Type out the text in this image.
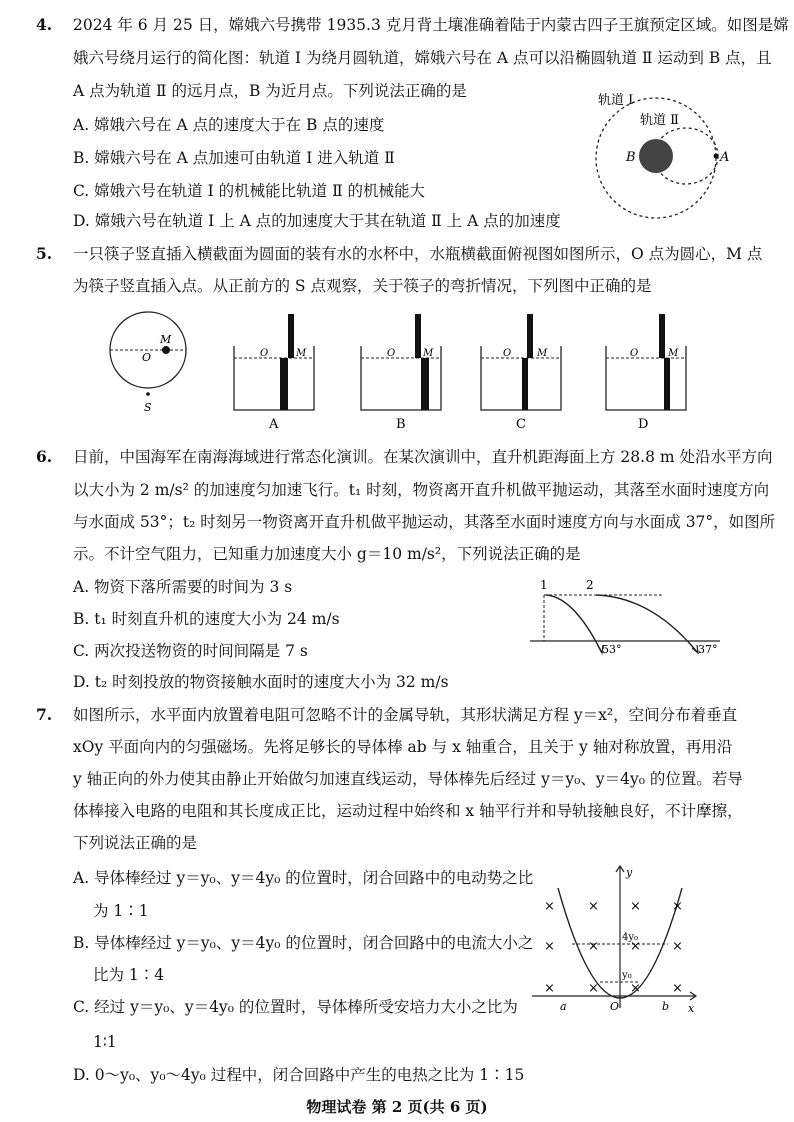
4. 2024 年 6 月 25 日，嫦娥六号携带 1935.3 克月背土壤准确着陆于内蒙古四子王旗预定区域。如图是嫦
娥六号绕月运行的简化图：轨道 Ⅰ 为绕月圆轨道，嫦娥六号在 A 点可以沿椭圆轨道 Ⅱ 运动到 B 点，且
A 点为轨道 Ⅱ 的远月点，B 为近月点。下列说法正确的是
A. 嫦娥六号在 A 点的速度大于在 B 点的速度
B. 嫦娥六号在 A 点加速可由轨道 Ⅰ 进入轨道 Ⅱ
C. 嫦娥六号在轨道 Ⅰ 的机械能比轨道 Ⅱ 的机械能大
D. 嫦娥六号在轨道 Ⅰ 上 A 点的加速度大于其在轨道 Ⅱ 上 A 点的加速度
轨道 Ⅰ
轨道 Ⅱ
B	A
5. 一只筷子竖直插入横截面为圆面的装有水的水杯中，水瓶横截面俯视图如图所示，O 点为圆心，M 点
为筷子竖直插入点。从正前方的 S 点观察，关于筷子的弯折情况，下列图中正确的是
O
M
S
O	M
A
O	M
B
O	M
C
O	M
D
6. 日前，中国海军在南海海域进行常态化演训。在某次演训中，直升机距海面上方 28.8 m 处沿水平方向
以大小为 2 m/s² 的加速度匀加速飞行。t₁ 时刻，物资离开直升机做平抛运动，其落至水面时速度方向
与水面成 53°；t₂ 时刻另一物资离开直升机做平抛运动，其落至水面时速度方向与水面成 37°，如图所
示。不计空气阻力，已知重力加速度大小 g＝10 m/s²，下列说法正确的是
A. 物资下落所需要的时间为 3 s
B. t₁ 时刻直升机的速度大小为 24 m/s
C. 两次投送物资的时间间隔是 7 s
D. t₂ 时刻投放的物资接触水面时的速度大小为 32 m/s
1	2
53°	37°
7. 如图所示，水平面内放置着电阻可忽略不计的金属导轨，其形状满足方程 y＝x²，空间分布着垂直
xOy 平面向内的匀强磁场。先将足够长的导体棒 ab 与 x 轴重合，且关于 y 轴对称放置，再用沿
y 轴正向的外力使其由静止开始做匀加速直线运动，导体棒先后经过 y＝y₀、y＝4y₀ 的位置。若导
体棒接入电路的电阻和其长度成正比，运动过程中始终和 x 轴平行并和导轨接触良好，不计摩擦，
下列说法正确的是
A. 导体棒经过 y＝y₀、y＝4y₀ 的位置时，闭合回路中的电动势之比
为 1∶1
B. 导体棒经过 y＝y₀、y＝4y₀ 的位置时，闭合回路中的电流大小之
比为 1∶4
C. 经过 y＝y₀、y＝4y₀ 的位置时，导体棒所受安培力大小之比为
1∶1
D. 0～y₀、y₀～4y₀ 过程中，闭合回路中产生的电热之比为 1∶15
y
x
O
a	b
4y₀
y₀
×	× × ×
×	× × ×
×	× × ×
物理试卷 第 2 页(共 6 页)
